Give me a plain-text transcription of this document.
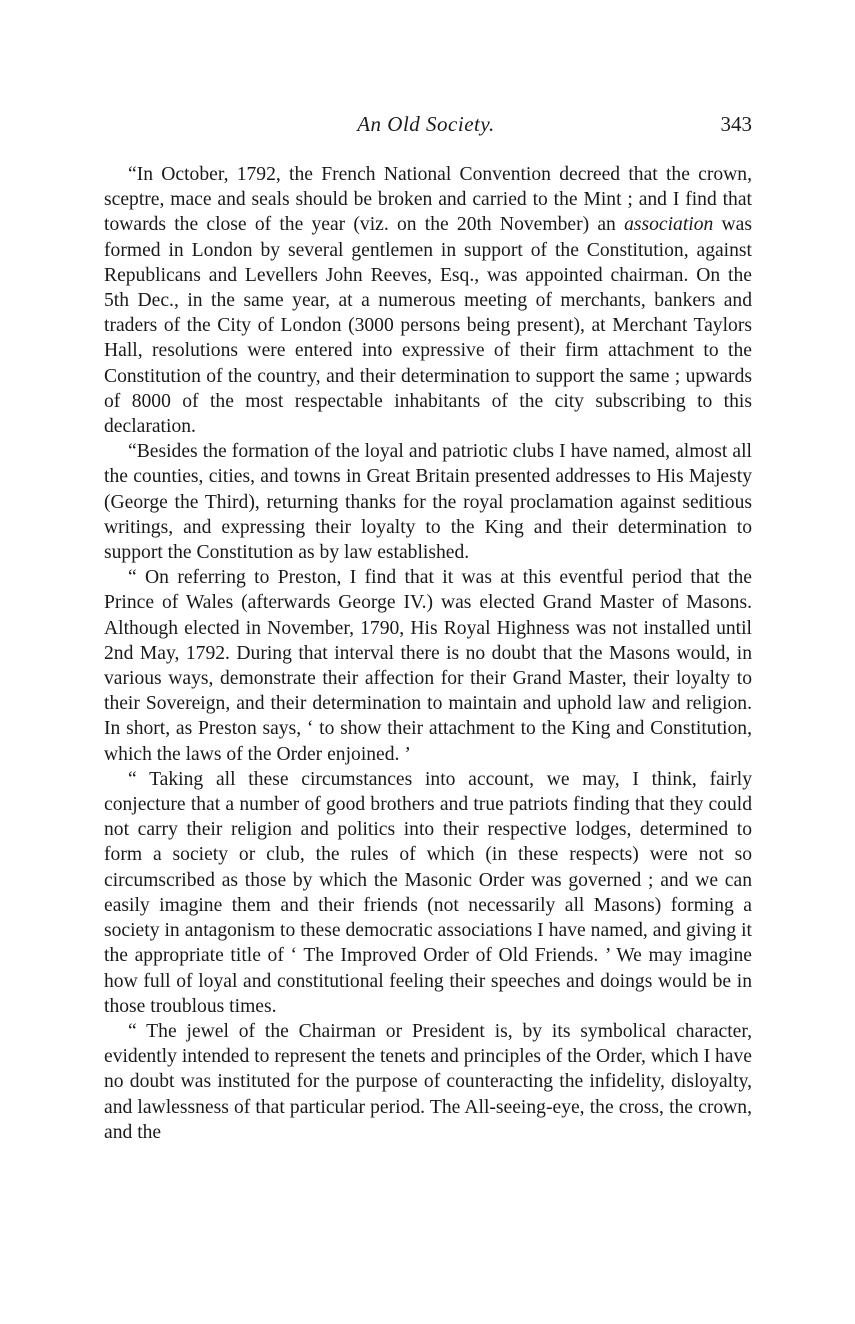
An Old Society.	343

“In October, 1792, the French National Convention decreed that the crown, sceptre, mace and seals should be broken and carried to the Mint ; and I find that towards the close of the year (viz. on the 20th November) an association was formed in London by several gentlemen in support of the Constitution, against Republicans and Levellers John Reeves, Esq., was appointed chairman. On the 5th Dec., in the same year, at a numerous meeting of merchants, bankers and traders of the City of London (3000 persons being present), at Merchant Taylors Hall, resolutions were entered into expressive of their firm attachment to the Constitution of the country, and their determination to support the same ; upwards of 8000 of the most respectable inhabitants of the city subscribing to this declaration.

“Besides the formation of the loyal and patriotic clubs I have named, almost all the counties, cities, and towns in Great Britain presented addresses to His Majesty (George the Third), returning thanks for the royal proclamation against seditious writings, and expressing their loyalty to the King and their determination to support the Constitution as by law established.

“ On referring to Preston, I find that it was at this eventful period that the Prince of Wales (afterwards George IV.) was elected Grand Master of Masons. Although elected in November, 1790, His Royal Highness was not installed until 2nd May, 1792. During that interval there is no doubt that the Masons would, in various ways, demonstrate their affection for their Grand Master, their loyalty to their Sovereign, and their determination to maintain and uphold law and religion. In short, as Preston says, ‘ to show their attachment to the King and Constitution, which the laws of the Order enjoined. ’

“ Taking all these circumstances into account, we may, I think, fairly conjecture that a number of good brothers and true patriots finding that they could not carry their religion and politics into their respective lodges, determined to form a society or club, the rules of which (in these respects) were not so circumscribed as those by which the Masonic Order was governed ; and we can easily imagine them and their friends (not necessarily all Masons) forming a society in antagonism to these democratic associations I have named, and giving it the appropriate title of ‘ The Improved Order of Old Friends. ’ We may imagine how full of loyal and constitutional feeling their speeches and doings would be in those troublous times.

“ The jewel of the Chairman or President is, by its symbolical character, evidently intended to represent the tenets and principles of the Order, which I have no doubt was instituted for the purpose of counteracting the infidelity, disloyalty, and lawlessness of that particular period. The All-seeing-eye, the cross, the crown, and the
